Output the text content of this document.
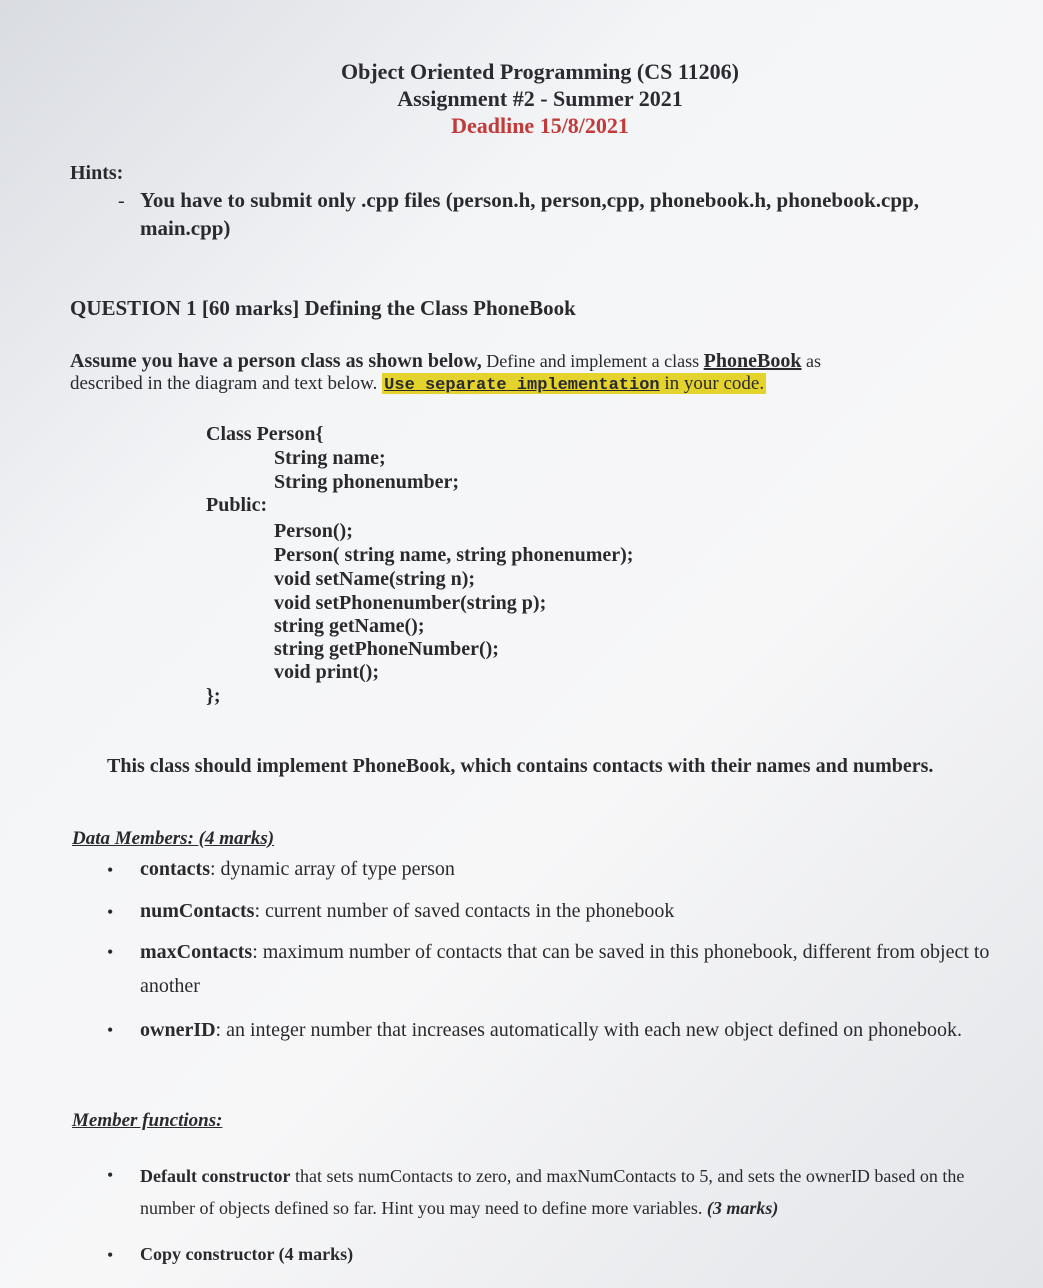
Object Oriented Programming (CS 11206)
Assignment #2 - Summer 2021
Deadline 15/8/2021
Hints:
- You have to submit only .cpp files (person.h, person,cpp, phonebook.h, phonebook.cpp, main.cpp)
QUESTION 1 [60 marks] Defining the Class PhoneBook
Assume you have a person class as shown below, Define and implement a class PhoneBook as
described in the diagram and text below. Use separate implementation in your code.
Class Person{
String name;
String phonenumber;
Public:
Person();
Person( string name, string phonenumer);
void setName(string n);
void setPhonenumber(string p);
string getName();
string getPhoneNumber();
void print();
};
This class should implement PhoneBook, which contains contacts with their names and numbers.
Data Members: (4 marks)
• contacts: dynamic array of type person
• numContacts: current number of saved contacts in the phonebook
• maxContacts: maximum number of contacts that can be saved in this phonebook, different from object to another
• ownerID: an integer number that increases automatically with each new object defined on phonebook.
Member functions:
• Default constructor that sets numContacts to zero, and maxNumContacts to 5, and sets the ownerID based on the number of objects defined so far. Hint you may need to define more variables. (3 marks)
• Copy constructor (4 marks)
